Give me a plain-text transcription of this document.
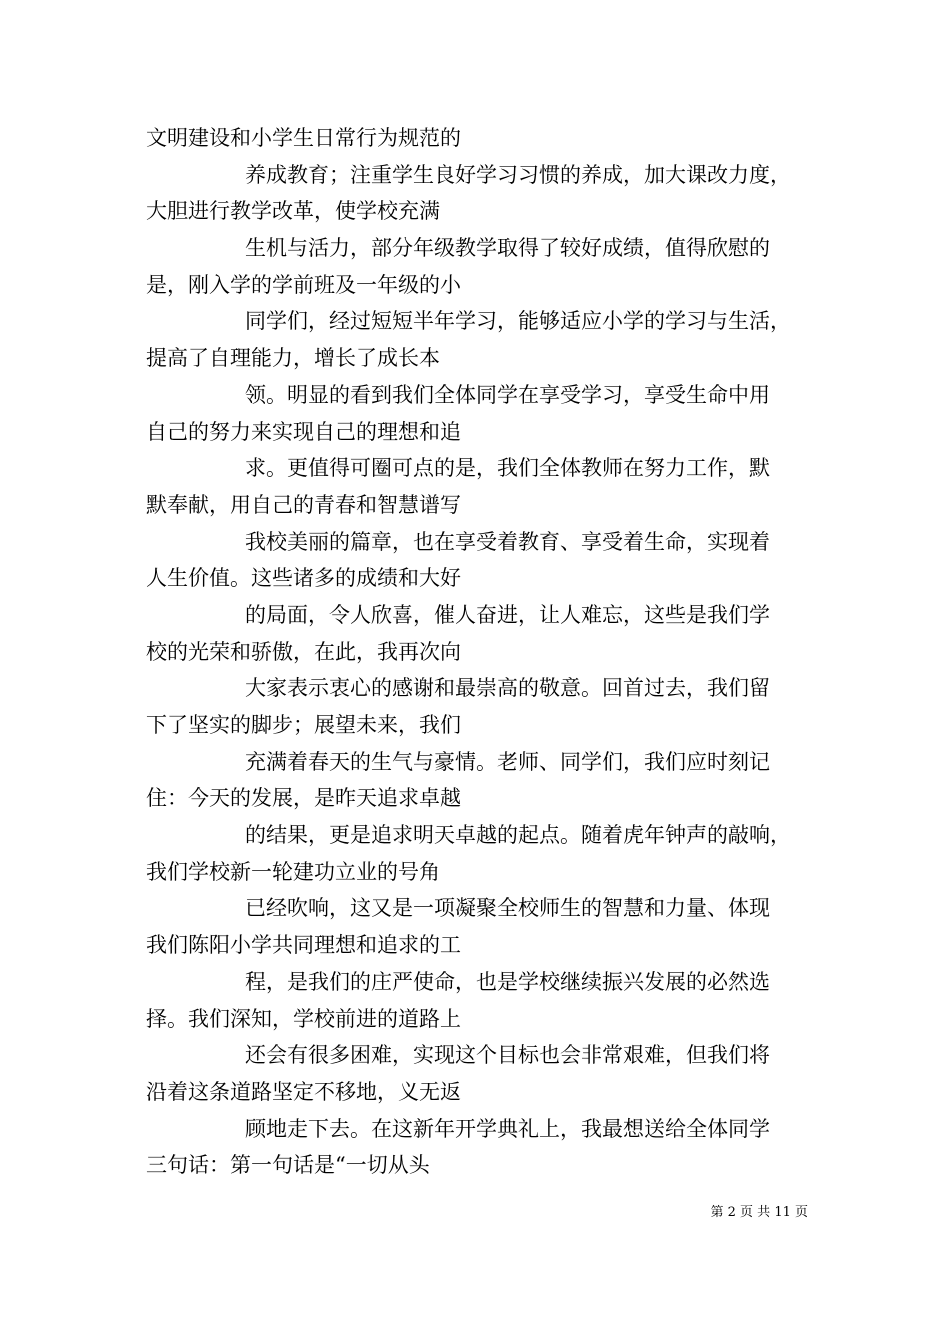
文明建设和小学生日常行为规范的
养成教育；注重学生良好学习习惯的养成，加大课改力度，
大胆进行教学改革，使学校充满
生机与活力，部分年级教学取得了较好成绩，值得欣慰的
是，刚入学的学前班及一年级的小
同学们，经过短短半年学习，能够适应小学的学习与生活，
提高了自理能力，增长了成长本
领。明显的看到我们全体同学在享受学习，享受生命中用
自己的努力来实现自己的理想和追
求。更值得可圈可点的是，我们全体教师在努力工作，默
默奉献，用自己的青春和智慧谱写
我校美丽的篇章，也在享受着教育、享受着生命，实现着
人生价值。这些诸多的成绩和大好
的局面，令人欣喜，催人奋进，让人难忘，这些是我们学
校的光荣和骄傲，在此，我再次向
大家表示衷心的感谢和最崇高的敬意。回首过去，我们留
下了坚实的脚步；展望未来，我们
充满着春天的生气与豪情。老师、同学们，我们应时刻记
住：今天的发展，是昨天追求卓越
的结果，更是追求明天卓越的起点。随着虎年钟声的敲响，
我们学校新一轮建功立业的号角
已经吹响，这又是一项凝聚全校师生的智慧和力量、体现
我们陈阳小学共同理想和追求的工
程，是我们的庄严使命，也是学校继续振兴发展的必然选
择。我们深知，学校前进的道路上
还会有很多困难，实现这个目标也会非常艰难，但我们将
沿着这条道路坚定不移地，义无返
顾地走下去。在这新年开学典礼上，我最想送给全体同学
三句话：第一句话是“一切从头
第 2 页 共 11 页
